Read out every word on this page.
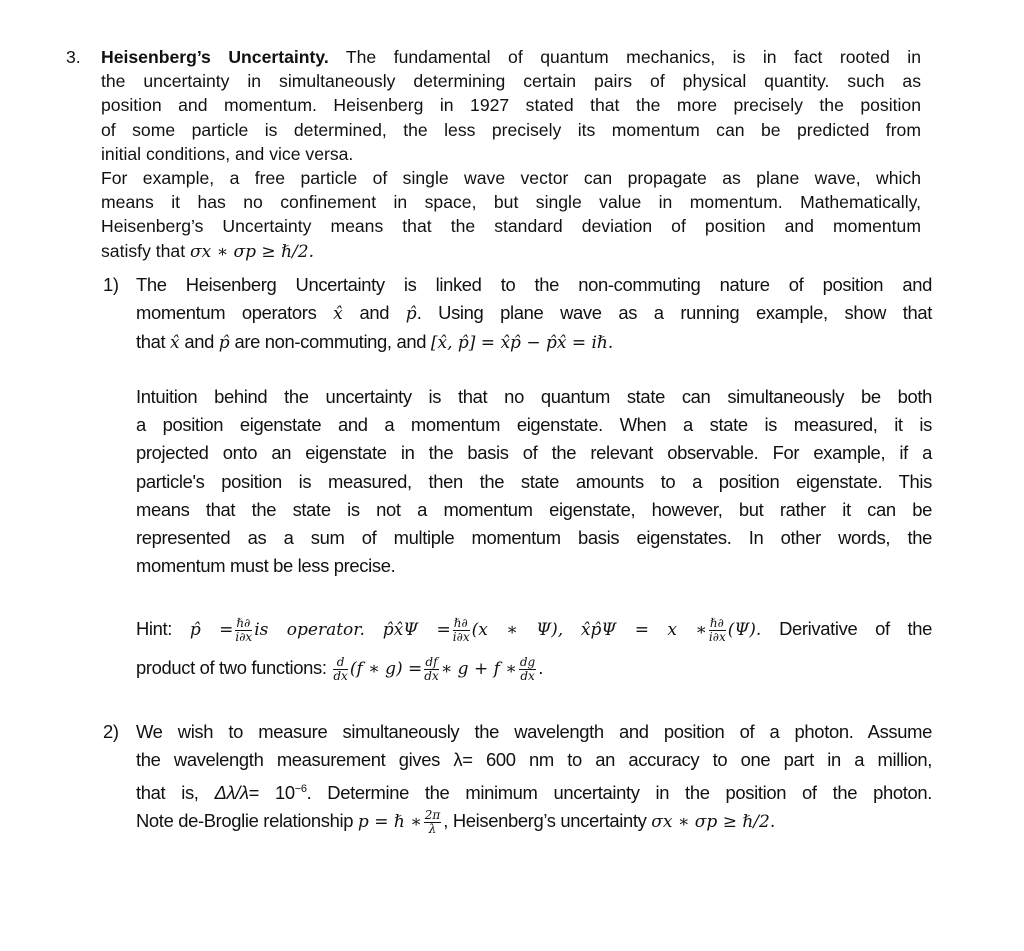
3. Heisenberg’s Uncertainty. The fundamental of quantum mechanics, is in fact rooted in
the uncertainty in simultaneously determining certain pairs of physical quantity. such as
position and momentum. Heisenberg in 1927 stated that the more precisely the position
of some particle is determined, the less precisely its momentum can be predicted from
initial conditions, and vice versa.
For example, a free particle of single wave vector can propagate as plane wave, which
means it has no confinement in space, but single value in momentum. Mathematically,
Heisenberg’s Uncertainty means that the standard deviation of position and momentum
satisfy that σx ∗ σp ≥ ℏ/2.
1) The Heisenberg Uncertainty is linked to the non-commuting nature of position and
momentum operators x̂ and p̂. Using plane wave as a running example, show that
that x̂ and p̂ are non-commuting, and [x̂, p̂] = x̂p̂ − p̂x̂ = iℏ.
Intuition behind the uncertainty is that no quantum state can simultaneously be both
a position eigenstate and a momentum eigenstate. When a state is measured, it is
projected onto an eigenstate in the basis of the relevant observable. For example, if a
particle's position is measured, then the state amounts to a position eigenstate. This
means that the state is not a momentum eigenstate, however, but rather it can be
represented as a sum of multiple momentum basis eigenstates. In other words, the
momentum must be less precise.
Hint: p̂ = $\frac{\text{ℏ∂}}{i\partial x}$ is operator. p̂x̂Ψ = $\frac{\text{ℏ∂}}{i\partial x} (x$ ∗ Ψ), x̂p̂Ψ = x ∗ $\frac{\text{ℏ∂}}{i\partial x} (\Psi)$. Derivative of the
product of two functions: $\frac{d}{dx} (f$ ∗ $g) = \frac{df}{dx}$ ∗ g + f ∗ $\frac{dg}{dx}$ .
2) We wish to measure simultaneously the wavelength and position of a photon. Assume
the wavelength measurement gives λ= 600 nm to an accuracy to one part in a million,
that is, $\Delta\lambda/\lambda= 10^{-6}$. Determine the minimum uncertainty in the position of the photon.
Note de-Broglie relationship p = ℏ ∗ $\frac{2\pi}{\lambda}$ , Heisenberg’s uncertainty σx ∗ σp ≥ ℏ/2.
